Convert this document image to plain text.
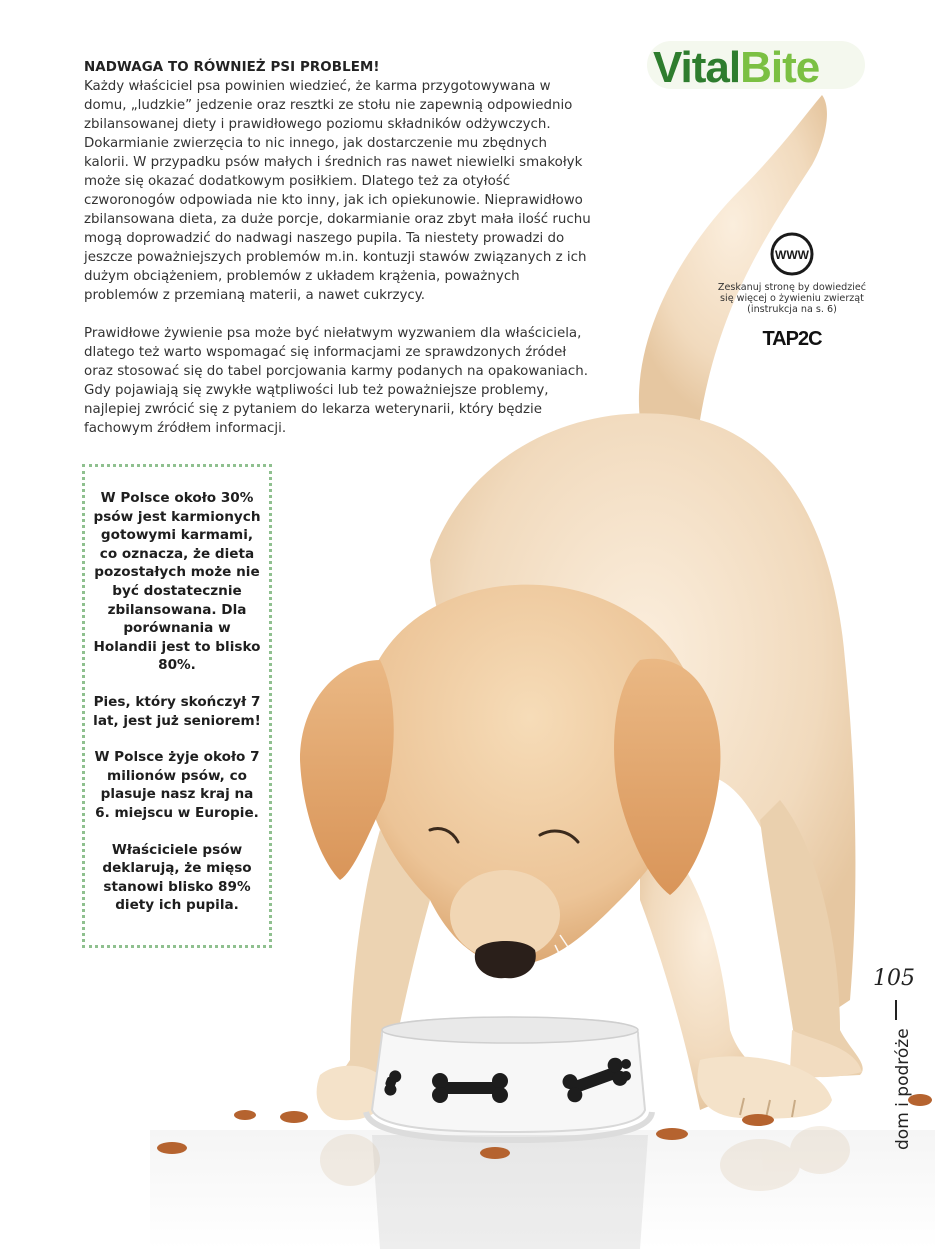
NADWAGA TO RÓWNIEŻ PSI PROBLEM!

Każdy właściciel psa powinien wiedzieć, że karma przygotowywana w domu, „ludzkie” jedzenie oraz resztki ze stołu nie zapewnią odpowiednio zbilansowanej diety i prawidłowego poziomu składników odżywczych. Dokarmianie zwierzęcia to nic innego, jak dostarczenie mu zbędnych kalorii. W przypadku psów małych i średnich ras nawet niewielki smakołyk może się okazać dodatkowym posiłkiem. Dlatego też za otyłość czworonogów odpowiada nie kto inny, jak ich opiekunowie. Nieprawidłowo zbilansowana dieta, za duże porcje, dokarmianie oraz zbyt mała ilość ruchu mogą doprowadzić do nadwagi naszego pupila. Ta niestety prowadzi do jeszcze poważniejszych problemów m.in. kontuzji stawów związanych z ich dużym obciążeniem, problemów z układem krążenia, poważnych problemów z przemianą materii, a nawet cukrzycy.

Prawidłowe żywienie psa może być niełatwym wyzwaniem dla właściciela, dlatego też warto wspomagać się informacjami ze sprawdzonych źródeł oraz stosować się do tabel porcjowania karmy podanych na opakowaniach. Gdy pojawiają się zwykłe wątpliwości lub też poważniejsze problemy, najlepiej zwrócić się z pytaniem do lekarza weterynarii, który będzie fachowym źródłem informacji.

VitalBite
WWW
Zeskanuj stronę by dowiedzieć się więcej o żywieniu zwierząt (instrukcja na s. 6)
TAP2C

W Polsce około 30% psów jest karmionych gotowymi karmami, co oznacza, że dieta pozostałych może nie być dostatecznie zbilansowana. Dla porównania w Holandii jest to blisko 80%.

Pies, który skończył 7 lat, jest już seniorem!

W Polsce żyje około 7 milionów psów, co plasuje nasz kraj na 6. miejscu w Europie.

Właściciele psów deklarują, że mięso stanowi blisko 89% diety ich pupila.

105
dom i podróże
